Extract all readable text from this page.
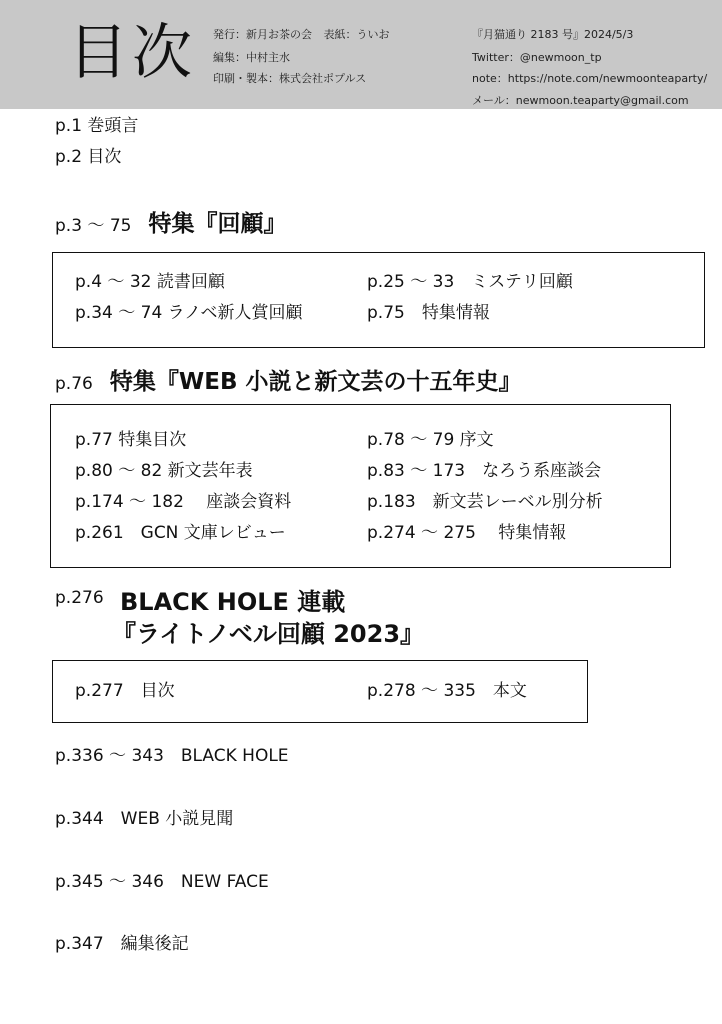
目次 発行：新月お茶の会 表紙：ういお
編集：中村主水
印刷・製本：株式会社ポプルス
『月猫通り 2183 号』2024/5/3
Twitter：@newmoon_tp
note：https://note.com/newmoonteaparty/
メール：newmoon.teaparty@gmail.com
p.1 巻頭言
p.2 目次
p.3 〜 75 特集『回顧』
p.4 〜 32 読書回顧	p.25 〜 33　ミステリ回顧
p.34 〜 74 ラノベ新人賞回顧	p.75　特集情報
p.76 特集『WEB 小説と新文芸の十五年史』
p.77 特集目次	p.78 〜 79 序文
p.80 〜 82 新文芸年表	p.83 〜 173　なろう系座談会
p.174 〜 182　 座談会資料	p.183　新文芸レーベル別分析
p.261　GCN 文庫レビュー	p.274 〜 275　 特集情報
p.276 BLACK HOLE 連載
『ライトノベル回顧 2023』
p.277　目次	p.278 〜 335　本文
p.336 〜 343　BLACK HOLE
p.344　WEB 小説見聞
p.345 〜 346　NEW FACE
p.347　編集後記
